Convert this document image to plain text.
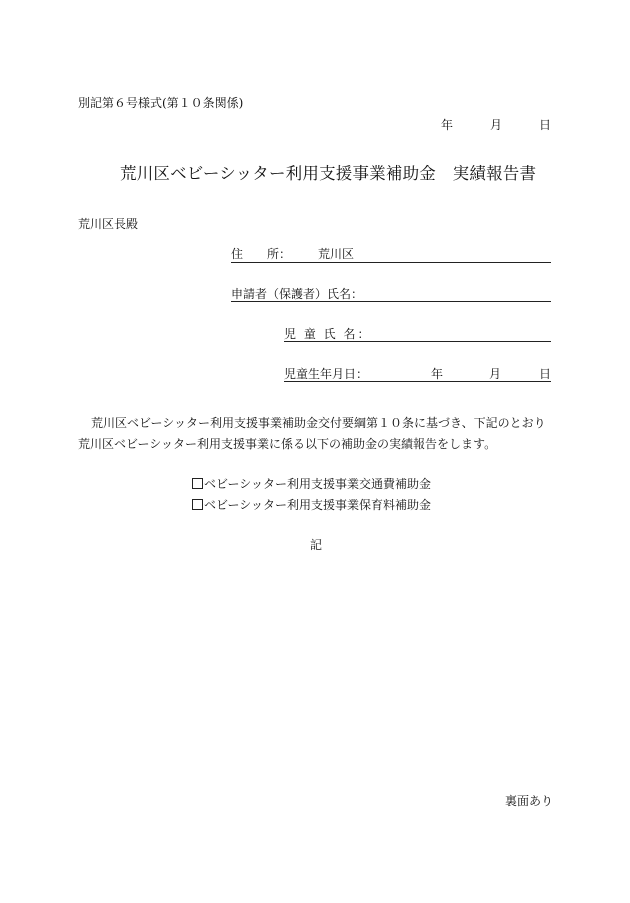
別記第６号様式(第１０条関係)
年	月	日
荒川区ベビーシッター利用支援事業補助金　実績報告書
荒川区長殿
住　　所： 荒川区
申請者（保護者）氏名：
児 童 氏 名：
児童生年月日：	年	月	日
荒川区ベビーシッター利用支援事業補助金交付要綱第１０条に基づき、下記のとおり
荒川区ベビーシッター利用支援事業に係る以下の補助金の実績報告をします。
ベビーシッター利用支援事業交通費補助金
ベビーシッター利用支援事業保育料補助金
記
裏面あり
